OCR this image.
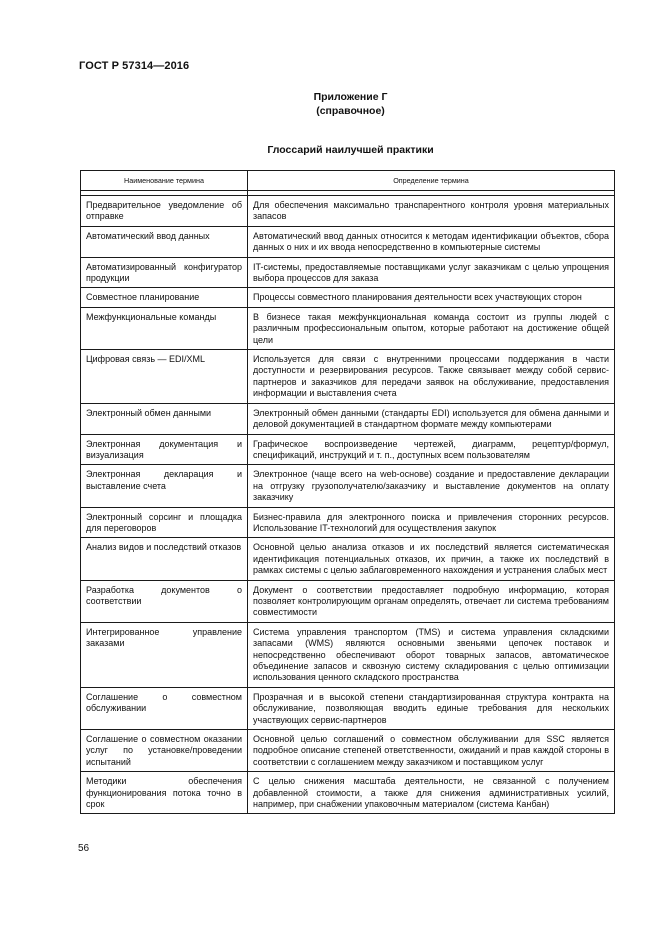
ГОСТ Р 57314—2016
Приложение Г
(справочное)
Глоссарий наилучшей практики
Наименование термина	Определение термина

Предварительное уведомление об отправке	Для обеспечения максимально транспарентного контроля уровня материальных запасов
Автоматический ввод данных	Автоматический ввод данных относится к методам идентификации объектов, сбора данных о них и их ввода непосредственно в компьютерные системы
Автоматизированный конфигуратор продукции	IT-системы, предоставляемые поставщиками услуг заказчикам с целью упрощения выбора процессов для заказа
Совместное планирование	Процессы совместного планирования деятельности всех участвующих сторон
Межфункциональные команды	В бизнесе такая межфункциональная команда состоит из группы людей с различным профессиональным опытом, которые работают на достижение общей цели
Цифровая связь — EDI/XML	Используется для связи с внутренними процессами поддержания в части доступности и резервирования ресурсов. Также связывает между собой сервис-партнеров и заказчиков для передачи заявок на обслуживание, предоставления информации и выставления счета
Электронный обмен данными	Электронный обмен данными (стандарты EDI) используется для обмена данными и деловой документацией в стандартном формате между компьютерами
Электронная документация и визуализация	Графическое воспроизведение чертежей, диаграмм, рецептур/формул, спецификаций, инструкций и т. п., доступных всем пользователям
Электронная декларация и выставление счета	Электронное (чаще всего на web-основе) создание и предоставление декларации на отгрузку грузополучателю/заказчику и выставление документов на оплату заказчику
Электронный сорсинг и площадка для переговоров	Бизнес-правила для электронного поиска и привлечения сторонних ресурсов. Использование IT-технологий для осуществления закупок
Анализ видов и последствий отказов	Основной целью анализа отказов и их последствий является систематическая идентификация потенциальных отказов, их причин, а также их последствий в рамках системы с целью заблаговременного нахождения и устранения слабых мест
Разработка документов о соответствии	Документ о соответствии предоставляет подробную информацию, которая позволяет контролирующим органам определять, отвечает ли система требованиям совместимости
Интегрированное управление заказами	Система управления транспортом (TMS) и система управления складскими запасами (WMS) являются основными звеньями цепочек поставок и непосредственно обеспечивают оборот товарных запасов, автоматическое объединение запасов и сквозную систему складирования с целью оптимизации использования ценного складского пространства
Соглашение о совместном обслуживании	Прозрачная и в высокой степени стандартизированная структура контракта на обслуживание, позволяющая вводить единые требования для нескольких участвующих сервис-партнеров
Соглашение о совместном оказании услуг по установке/проведении испытаний	Основной целью соглашений о совместном обслуживании для SSC является подробное описание степеней ответственности, ожиданий и прав каждой стороны в соответствии с соглашением между заказчиком и поставщиком услуг
Методики обеспечения функционирования потока точно в срок	С целью снижения масштаба деятельности, не связанной с получением добавленной стоимости, а также для снижения административных усилий, например, при снабжении упаковочным материалом (система Канбан)
56
